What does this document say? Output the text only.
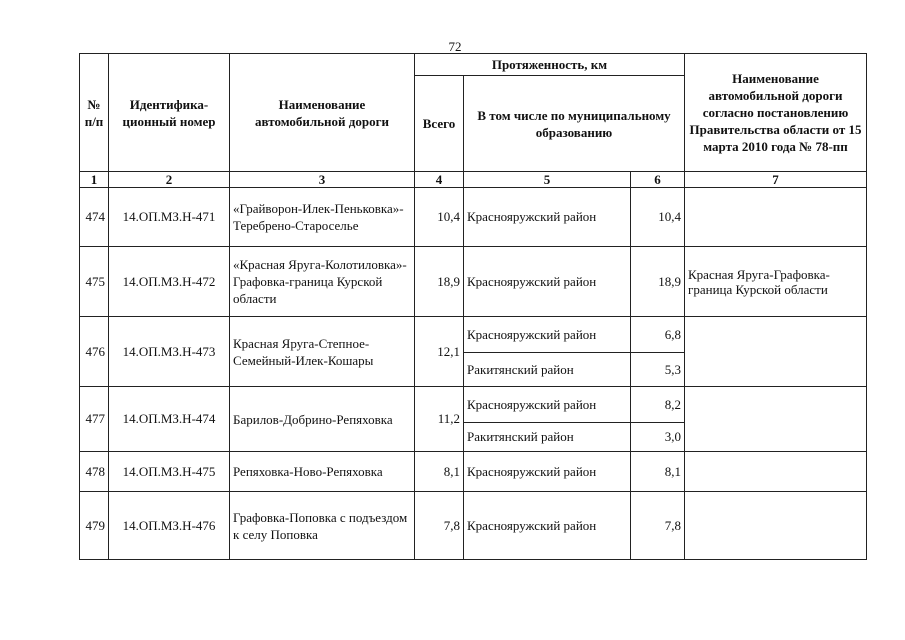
72
№ п/п	Идентифика-ционный номер	Наименование автомобильной дороги	Протяженность, км			Наименование автомобильной дороги согласно постановлению Правительства области от 15 марта 2010 года № 78-пп
			Всего	В том числе по муниципальному образованию		
1	2	3	4	5	6	7
474	14.ОП.МЗ.Н-471	«Грайворон-Илек-Пеньковка»-Теребрено-Староселье	10,4	Краснояружский район	10,4	
475	14.ОП.МЗ.Н-472	«Красная Яруга-Колотиловка»-Графовка-граница Курской области	18,9	Краснояружский район	18,9	Красная Яруга-Графовка-граница Курской области
476	14.ОП.МЗ.Н-473	Красная Яруга-Степное-Семейный-Илек-Кошары	12,1	Краснояружский район	6,8	
				Ракитянский район	5,3	
477	14.ОП.МЗ.Н-474	Барилов-Добрино-Репяховка	11,2	Краснояружский район	8,2	
				Ракитянский район	3,0	
478	14.ОП.МЗ.Н-475	Репяховка-Ново-Репяховка	8,1	Краснояружский район	8,1	
479	14.ОП.МЗ.Н-476	Графовка-Поповка с подъездом к селу Поповка	7,8	Краснояружский район	7,8	
